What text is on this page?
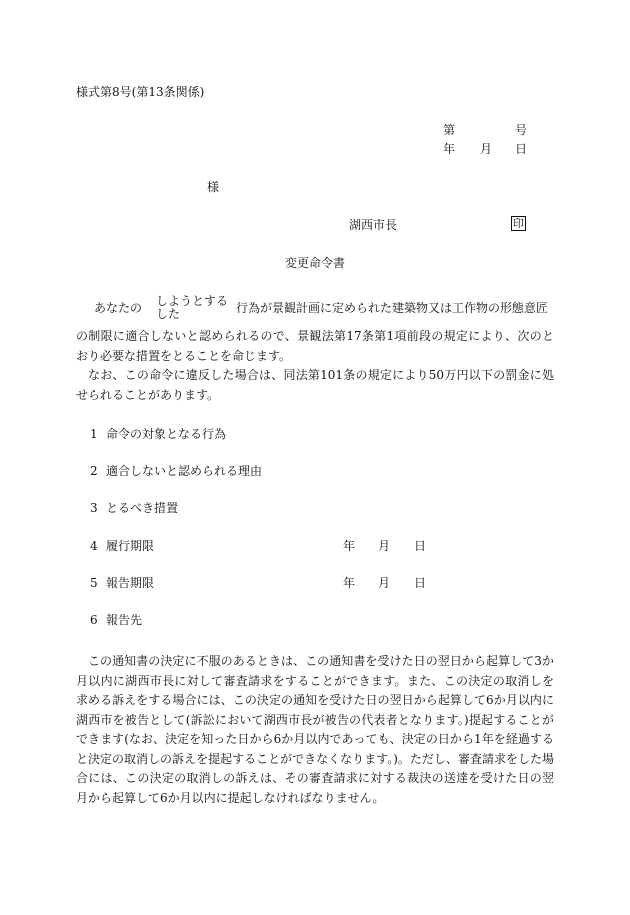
様式第8号(第13条関係)
第	号
年 月 日
様
湖西市長	印
変更命令書
あなたの しようとする
した	行為が景観計画に定められた建築物又は工作物の形態意匠

の制限に適合しないと認められるので、景観法第17条第1項前段の規定により、次のとおり必要な措置をとることを命じます。

なお、この命令に違反した場合は、同法第101条の規定により50万円以下の罰金に処せられることがあります。

1 命令の対象となる行為
2 適合しないと認められる理由
3 とるべき措置
4 履行期限	年 月 日
5 報告期限	年 月 日
6 報告先

この通知書の決定に不服のあるときは、この通知書を受けた日の翌日から起算して3か月以内に湖西市長に対して審査請求をすることができます。また、この決定の取消しを求める訴えをする場合には、この決定の通知を受けた日の翌日から起算して6か月以内に湖西市を被告として(訴訟において湖西市長が被告の代表者となります。)提起することができます(なお、決定を知った日から6か月以内であっても、決定の日から1年を経過すると決定の取消しの訴えを提起することができなくなります。)。ただし、審査請求をした場合には、この決定の取消しの訴えは、その審査請求に対する裁決の送達を受けた日の翌月から起算して6か月以内に提起しなければなりません。
